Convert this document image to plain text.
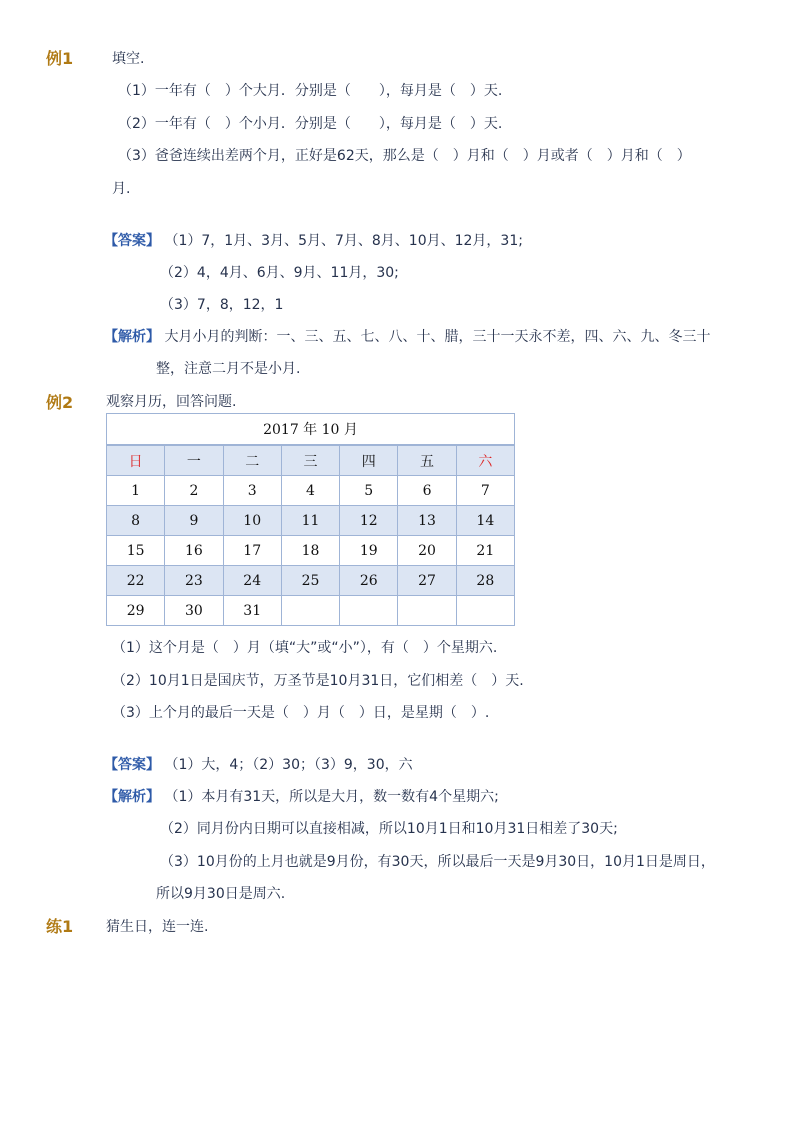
例1	填空.
（1）一年有（　）个大月．分别是（　　），每月是（　）天.
（2）一年有（　）个小月．分别是（　　），每月是（　）天.
（3）爸爸连续出差两个月，正好是62天，那么是（　）月和（　）月或者（　）月和（　）
月.
【答案】 （1）7，1月、3月、5月、7月、8月、10月、12月，31;
（2）4，4月、6月、9月、11月，30;
（3）7，8，12，1
【解析】 大月小月的判断：一、三、五、七、八、十、腊，三十一天永不差，四、六、九、冬三十
整，注意二月不是小月.
例2 观察月历，回答问题.
2017 年 10 月						
日	一	二	三	四	五	六
1	2	3	4	5	6	7
8	9	10	11	12	13	14
15	16	17	18	19	20	21
22	23	24	25	26	27	28
29	30	31				
（1）这个月是（　）月（填“大”或“小”），有（　）个星期六.
（2）10月1日是国庆节，万圣节是10月31日，它们相差（　）天.
（3）上个月的最后一天是（　）月（　）日，是星期（　）.
【答案】 （1）大，4；（2）30；（3）9，30，六
【解析】 （1）本月有31天，所以是大月，数一数有4个星期六;
（2）同月份内日期可以直接相减，所以10月1日和10月31日相差了30天;
（3）10月份的上月也就是9月份，有30天，所以最后一天是9月30日，10月1日是周日，
所以9月30日是周六.
练1 猜生日，连一连.
